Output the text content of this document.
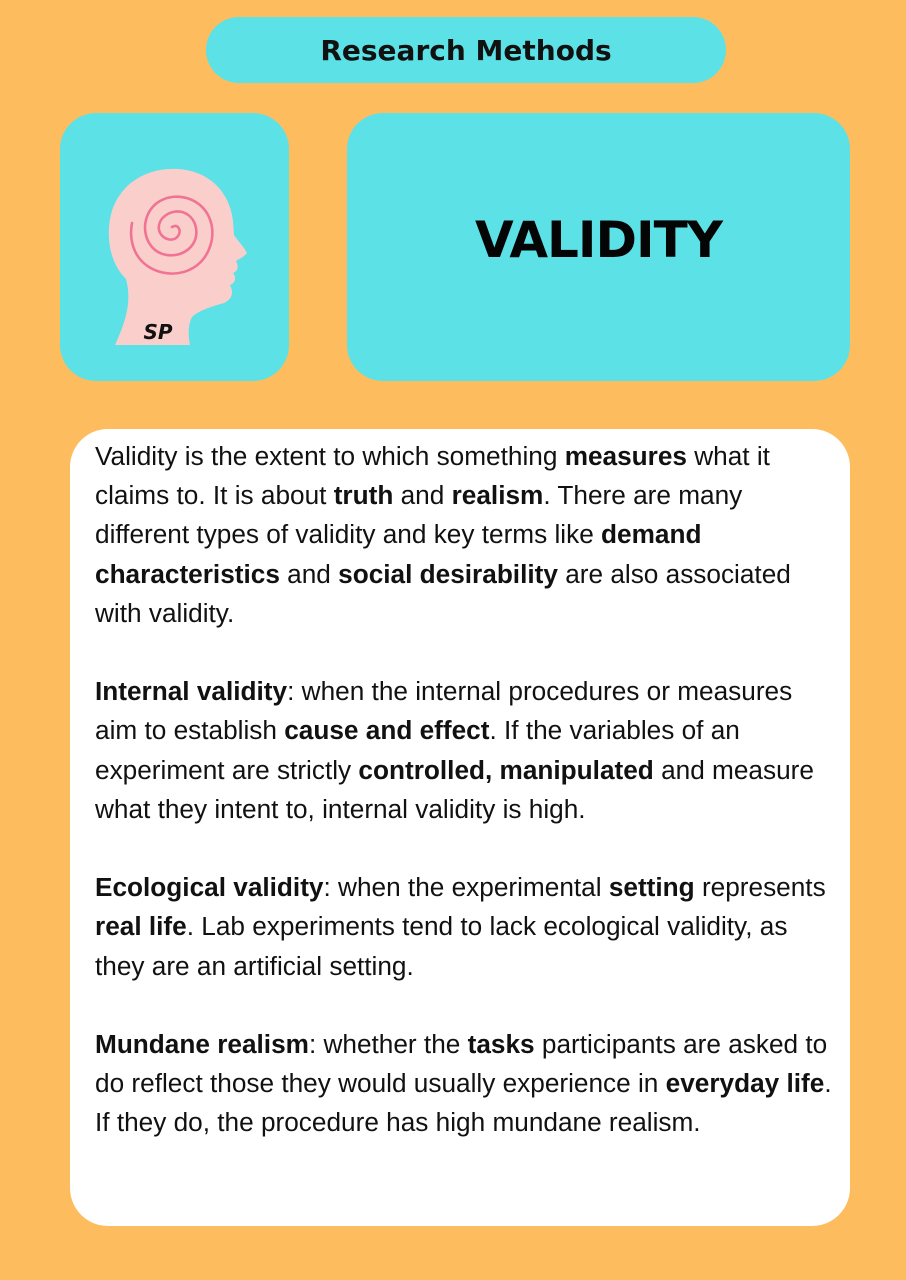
Research Methods
SP
VALIDITY

Validity is the extent to which something measures what it claims to. It is about truth and realism. There are many different types of validity and key terms like demand characteristics and social desirability are also associated with validity.

Internal validity: when the internal procedures or measures aim to establish cause and effect. If the variables of an experiment are strictly controlled, manipulated and measure what they intent to, internal validity is high.

Ecological validity: when the experimental setting represents real life. Lab experiments tend to lack ecological validity, as they are an artificial setting.

Mundane realism: whether the tasks participants are asked to do reflect those they would usually experience in everyday life. If they do, the procedure has high mundane realism.
